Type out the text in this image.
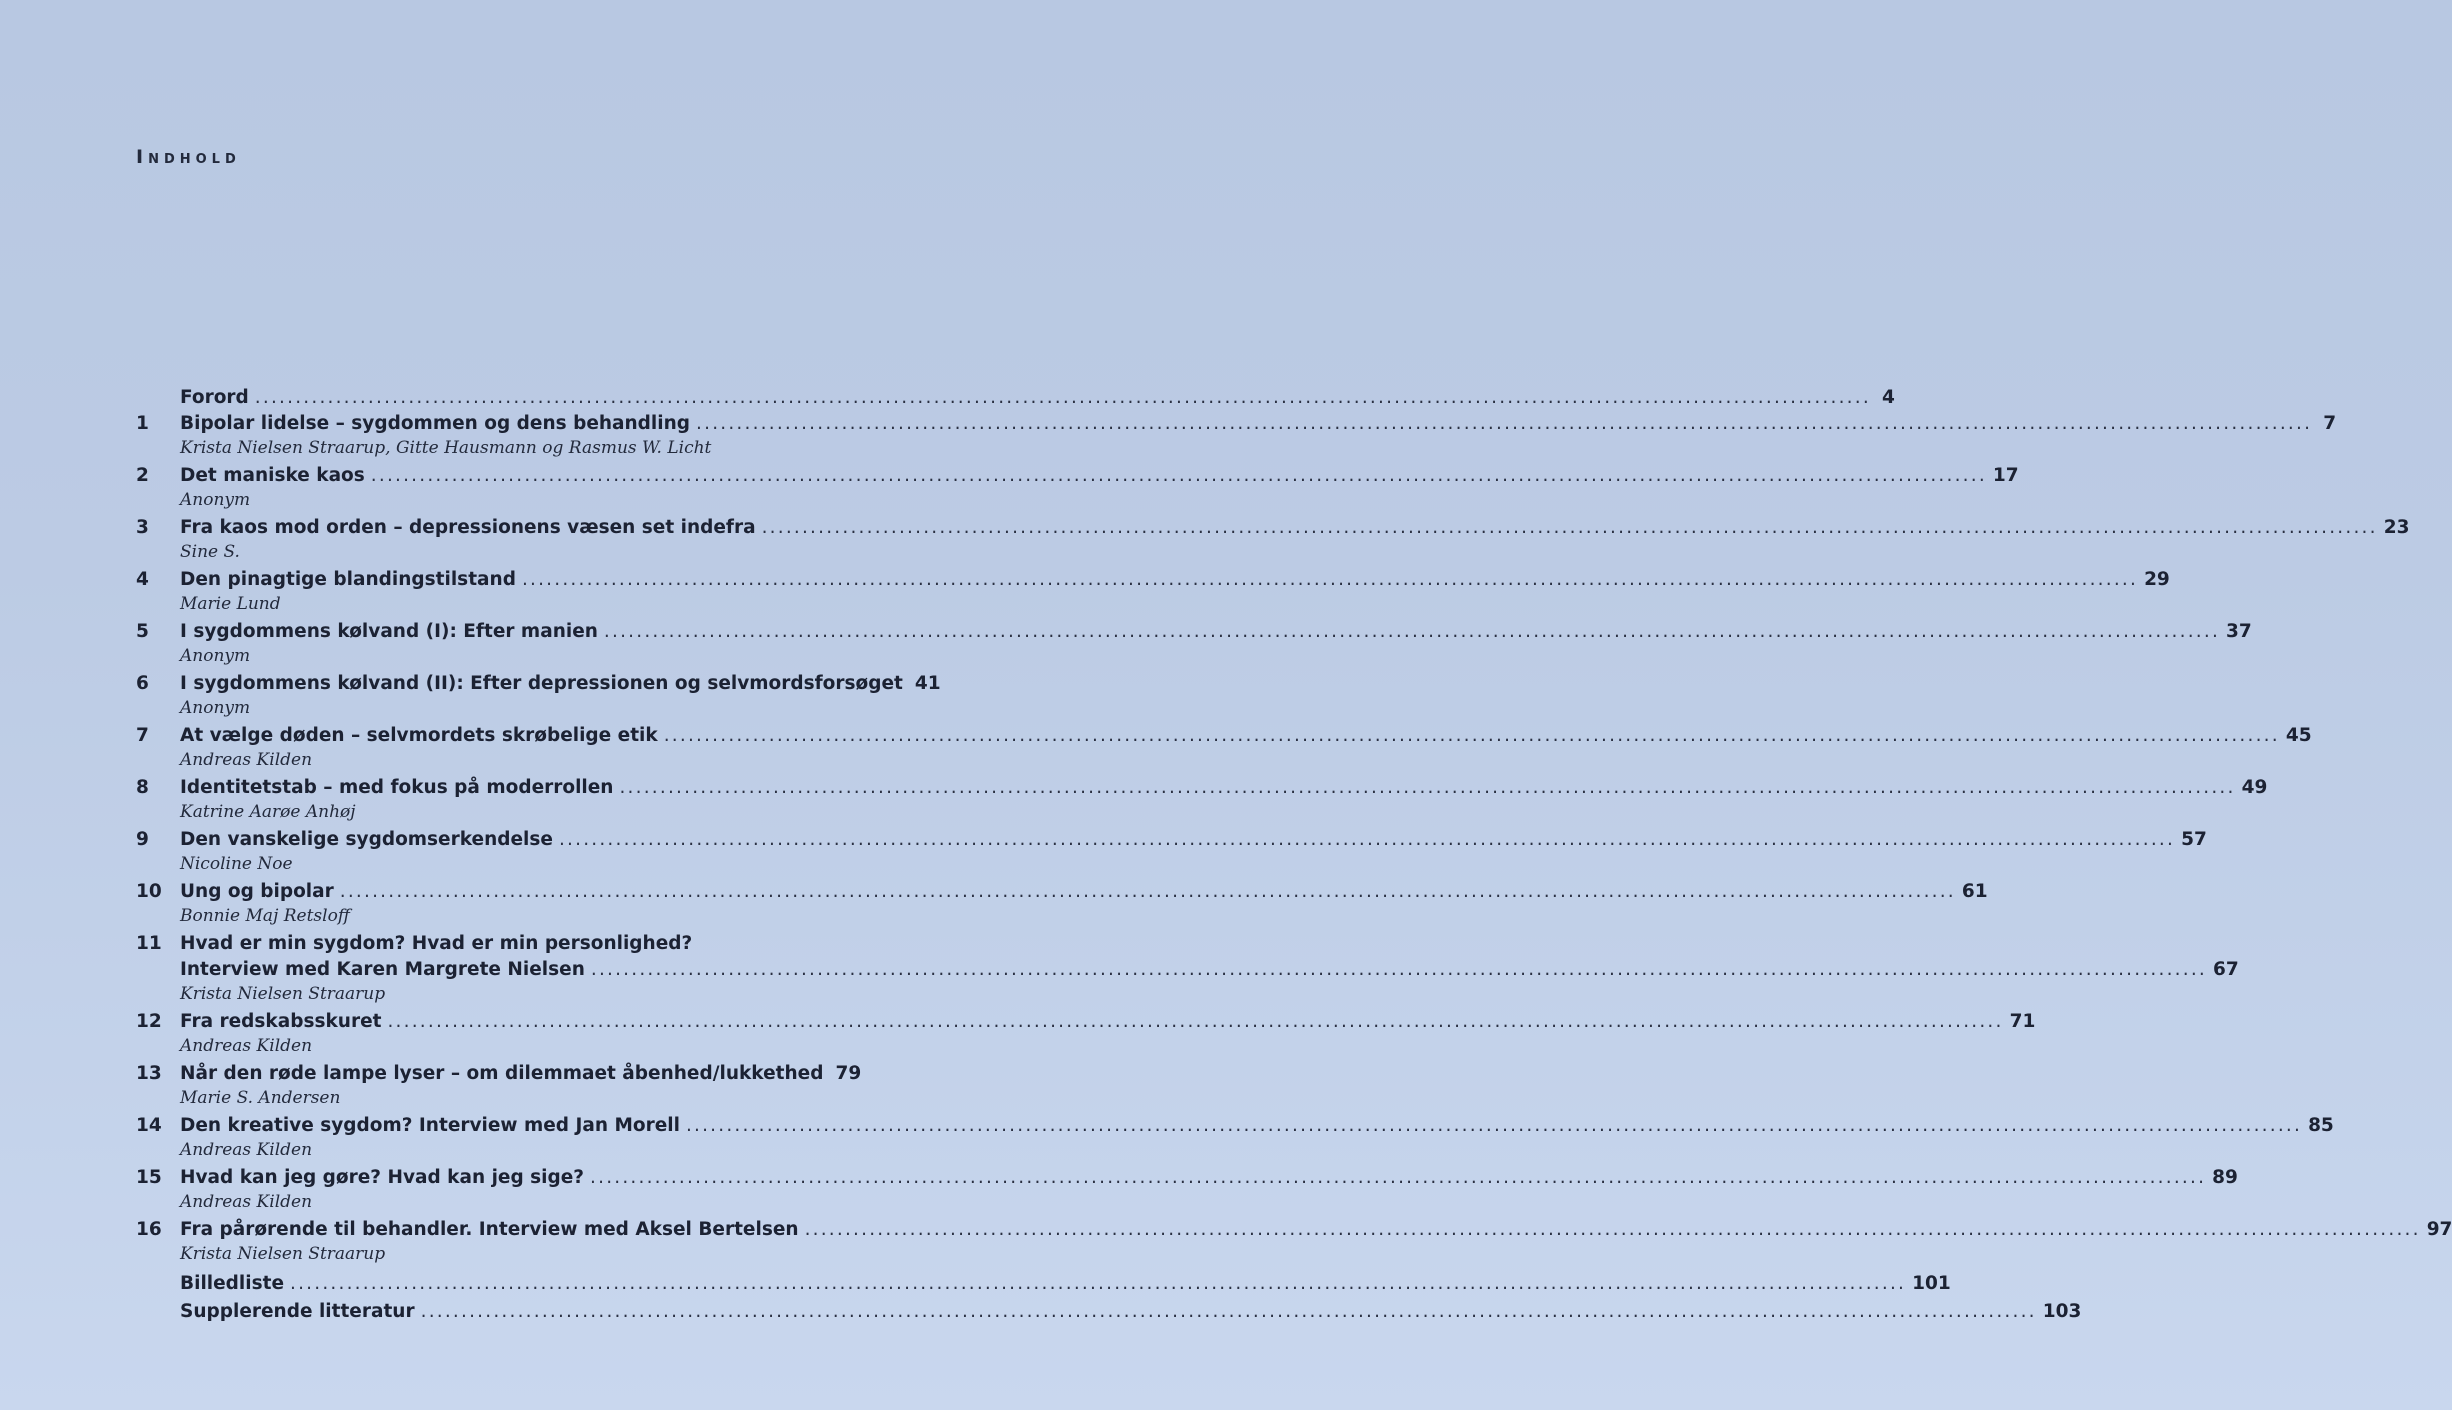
Indhold
Forord ........................................................................................................................................................................................................ 4
1	Bipolar lidelse – sygdommen og dens behandling ........................................................................................................................................................................................................ 7
Krista Nielsen Straarup, Gitte Hausmann og Rasmus W. Licht
2	Det maniske kaos ........................................................................................................................................................................................................ 17
Anonym
3	Fra kaos mod orden – depressionens væsen set indefra ........................................................................................................................................................................................................ 23
Sine S.
4	Den pinagtige blandingstilstand ........................................................................................................................................................................................................ 29
Marie Lund
5	I sygdommens kølvand (I): Efter manien ........................................................................................................................................................................................................ 37
Anonym
6	I sygdommens kølvand (II): Efter depressionen og selvmordsforsøget 41
Anonym
7	At vælge døden – selvmordets skrøbelige etik ........................................................................................................................................................................................................ 45
Andreas Kilden
8	Identitetstab – med fokus på moderrollen ........................................................................................................................................................................................................ 49
Katrine Aarøe Anhøj
9	Den vanskelige sygdomserkendelse ........................................................................................................................................................................................................ 57
Nicoline Noe
10 Ung og bipolar ........................................................................................................................................................................................................ 61
Bonnie Maj Retsloff
11 Hvad er min sygdom? Hvad er min personlighed?
Interview med Karen Margrete Nielsen ........................................................................................................................................................................................................ 67
Krista Nielsen Straarup
12 Fra redskabsskuret ........................................................................................................................................................................................................ 71
Andreas Kilden
13 Når den røde lampe lyser – om dilemmaet åbenhed/lukkethed 79
Marie S. Andersen
14 Den kreative sygdom? Interview med Jan Morell ........................................................................................................................................................................................................ 85
Andreas Kilden
15 Hvad kan jeg gøre? Hvad kan jeg sige? ........................................................................................................................................................................................................ 89
Andreas Kilden
16 Fra pårørende til behandler. Interview med Aksel Bertelsen ........................................................................................................................................................................................................ 97
Krista Nielsen Straarup
Billedliste ........................................................................................................................................................................................................ 101
Supplerende litteratur ........................................................................................................................................................................................................ 103
